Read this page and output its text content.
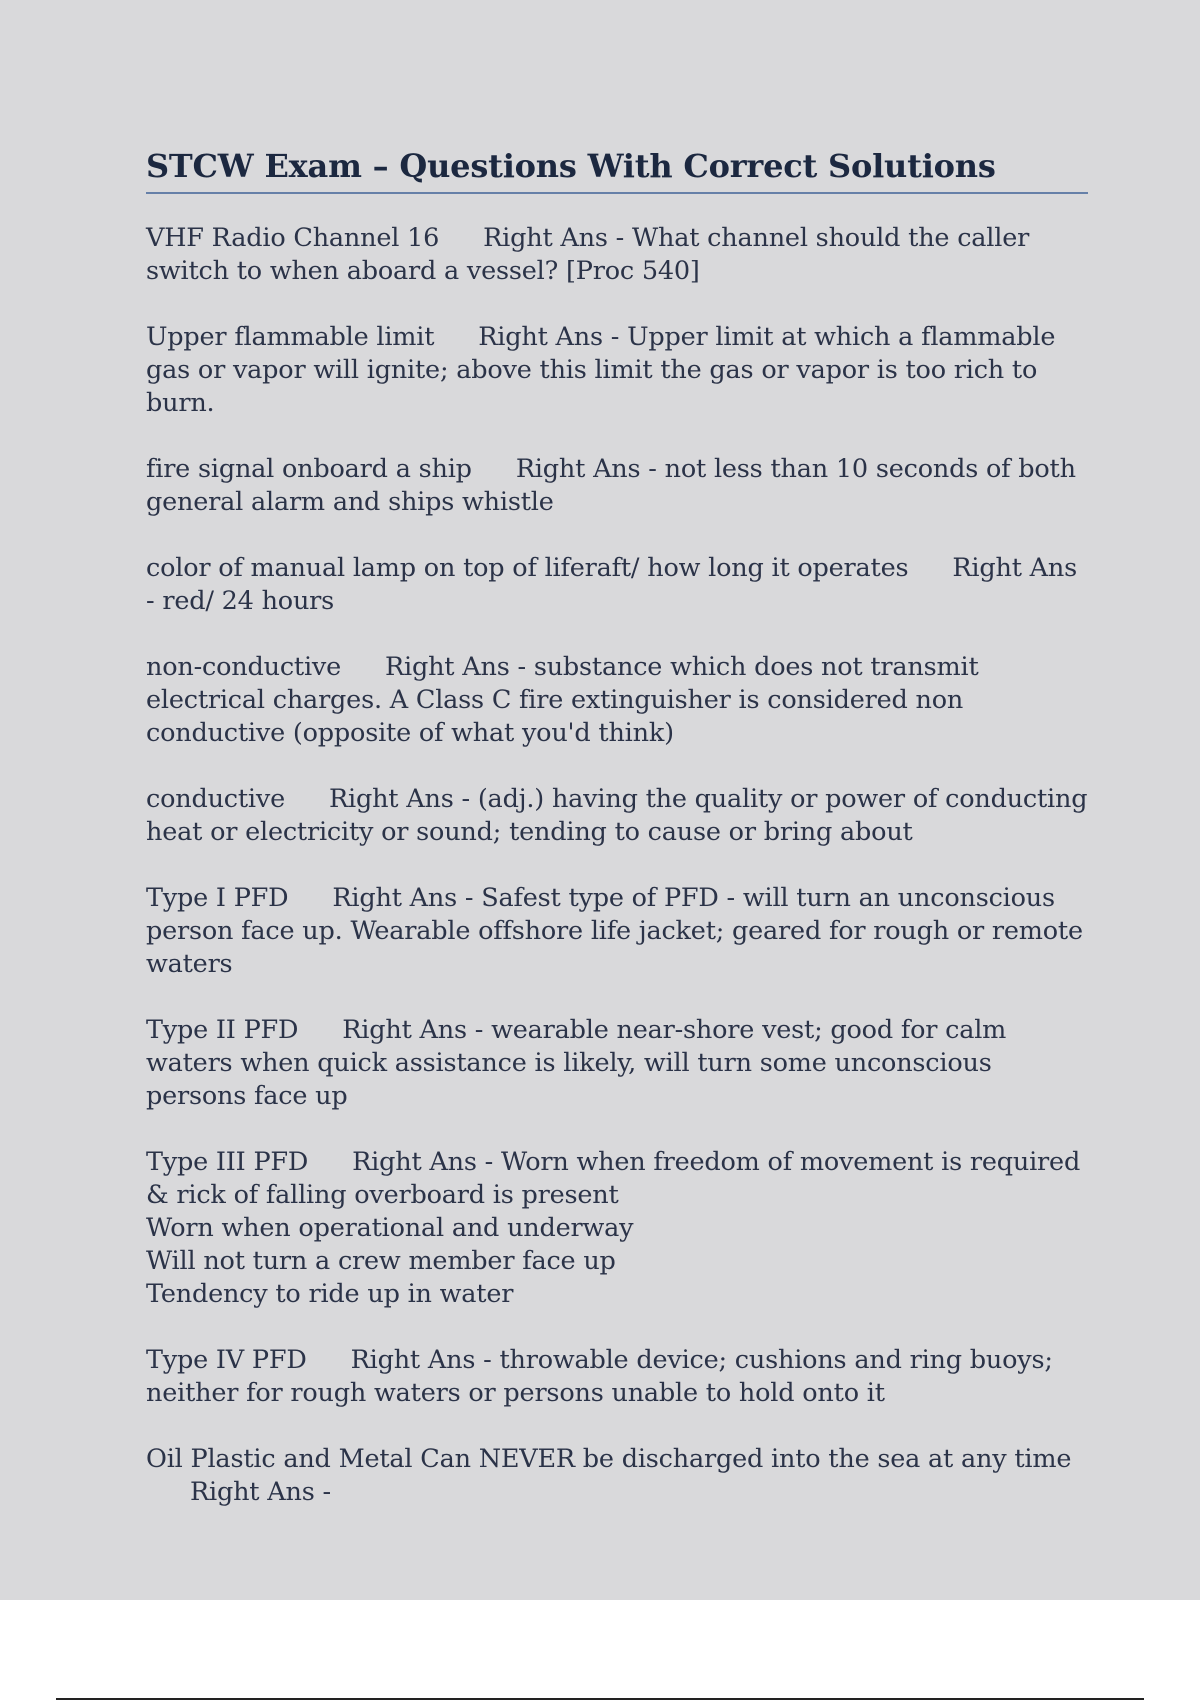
STCW Exam – Questions With Correct Solutions
VHF Radio Channel 16 Right Ans - What channel should the caller switch to when aboard a vessel? [Proc 540]
Upper flammable limit Right Ans - Upper limit at which a flammable gas or vapor will ignite; above this limit the gas or vapor is too rich to burn.
fire signal onboard a ship Right Ans - not less than 10 seconds of both general alarm and ships whistle
color of manual lamp on top of liferaft/ how long it operates Right Ans - red/ 24 hours
non-conductive Right Ans - substance which does not transmit electrical charges. A Class C fire extinguisher is considered non conductive (opposite of what you'd think)
conductive Right Ans - (adj.) having the quality or power of conducting heat or electricity or sound; tending to cause or bring about
Type I PFD Right Ans - Safest type of PFD - will turn an unconscious person face up. Wearable offshore life jacket; geared for rough or remote waters
Type II PFD Right Ans - wearable near-shore vest; good for calm waters when quick assistance is likely, will turn some unconscious persons face up
Type III PFD Right Ans - Worn when freedom of movement is required & rick of falling overboard is present
Worn when operational and underway
Will not turn a crew member face up
Tendency to ride up in water
Type IV PFD Right Ans - throwable device; cushions and ring buoys; neither for rough waters or persons unable to hold onto it
Oil Plastic and Metal Can NEVER be discharged into the sea at any timeRight Ans -
